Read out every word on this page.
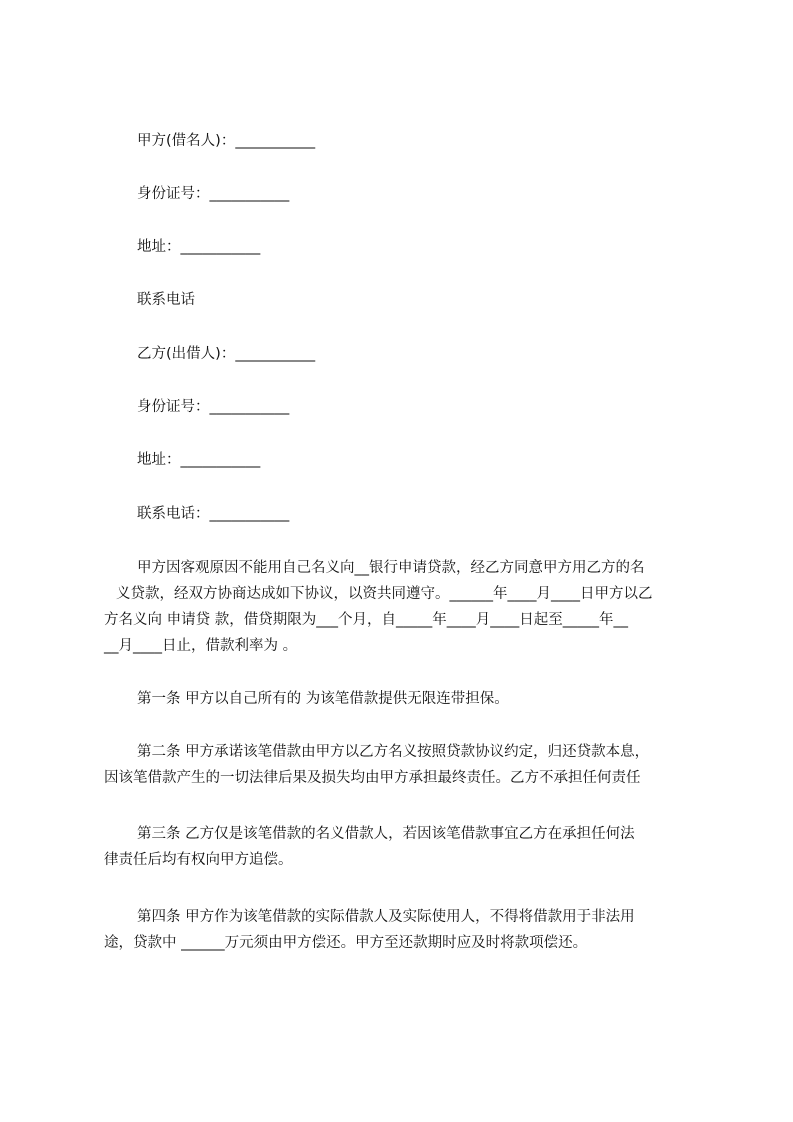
甲方(借名人)：___________
身份证号：___________
地址：___________
联系电话
乙方(出借人)：___________
身份证号：___________
地址：___________
联系电话：___________
甲方因客观原因不能用自己名义向__银行申请贷款，经乙方同意甲方用乙方的名
义贷款，经双方协商达成如下协议，以资共同遵守。______年____月____日甲方以乙
方名义向 申请贷 款，借贷期限为___个月，自_____年____月____日起至_____年__
__月____日止，借款利率为 。
第一条 甲方以自己所有的 为该笔借款提供无限连带担保。
第二条 甲方承诺该笔借款由甲方以乙方名义按照贷款协议约定，归还贷款本息，
因该笔借款产生的一切法律后果及损失均由甲方承担最终责任。乙方不承担任何责任
第三条 乙方仅是该笔借款的名义借款人，若因该笔借款事宜乙方在承担任何法
律责任后均有权向甲方追偿。
第四条 甲方作为该笔借款的实际借款人及实际使用人，不得将借款用于非法用
途，贷款中 ______万元须由甲方偿还。甲方至还款期时应及时将款项偿还。
